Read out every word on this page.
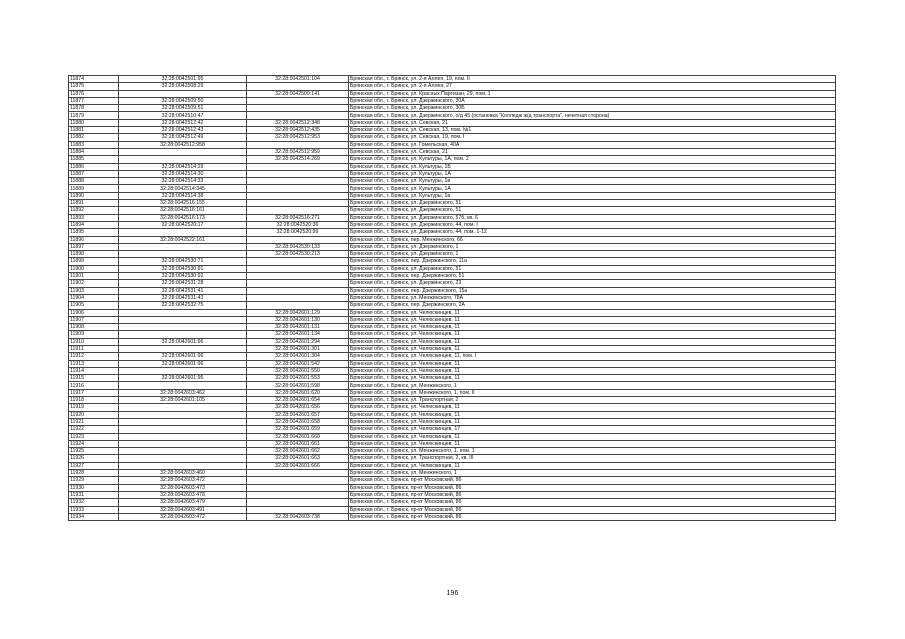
11874	32:28:0042501:95	32:28:0042501:104	Брянская обл., г. Брянск, ул. 2-я Аллея, 19, пом. II
11875	32:28:0042508:29		Брянская обл., г. Брянск, ул. 2-я Аллея, 27
11876		32:28:0042509:141	Брянская обл., г. Брянск, ул. Красных Партизан, 29, пом. 1
11877	32:28:0042509:50		Брянская обл., г. Брянск, ул. Дзержинского, 30А
11878	32:28:0042509:51		Брянская обл., г. Брянск, ул. Дзержинского, 30Б
11879	32:28:0042510:47		Брянская обл., г. Брянск, ул. Дзержинского, о/д 45 (остановка "Колледж ж/д транспорта", нечетная сторона)
11880	32:28:0042512:42	32:28:0042512:348	Брянская обл., г. Брянск, ул. Севская, 21
11881	32:28:0042512:43	32:28:0042512:435	Брянская обл., г. Брянск, ул. Севская, 13, пом. №1
11882	32:28:0042512:49	32:28:0042512:953	Брянская обл., г. Брянск, ул. Севская, 19, пом. I
11883	32:28:0042512:958		Брянская обл., г. Брянск, ул. Гомельская, 40А
11884		32:28:0042512:959	Брянская обл., г. Брянск, ул. Севская, 21
11885		32:28:0042514:269	Брянская обл., г. Брянск, ул. Культуры, 1А, пом. 2
11886	32:28:0042514:29		Брянская обл., г. Брянск, ул. Культуры, 1Б
11887	32:28:0042514:30		Брянская обл., г. Брянск, ул. Культуры, 1А
11888	32:28:0042514:33		Брянская обл., г. Брянск, ул. Культуры, 1в
11889	32:28:0042514:345		Брянская обл., г. Брянск, ул. Культуры, 1А
11890	32:28:0042514:38		Брянская обл., г. Брянск, ул. Культуры, 1в
11891	32:28:0042516:155		Брянская обл., г. Брянск, ул. Дзержинского, 51
11892	32:28:0042516:161		Брянская обл., г. Брянск, ул. Дзержинского, 51
11893	32:28:0042516:173	32:28:0042516:271	Брянская обл., г. Брянск, ул. Дзержинского, 57б, кв. 6
11894	32:28:0042520:17	32:28:0042520:36	Брянская обл., г. Брянск, ул. Дзержинского, 44, пом. I
11895		32:28:0042520:99	Брянская обл., г. Брянск, ул. Дзержинского, 44, пом. 1-12
11896	32:28:0042522:161		Брянская обл., г. Брянск, пер. Менжинского, 66
11897		32:28:0042530:133	Брянская обл., г. Брянск, ул. Дзержинского, 1
11898		32:28:0042530:213	Брянская обл., г. Брянск, ул. Дзержинского, 1
11899	32:28:0042530:71		Брянская обл., г. Брянск, пер. Дзержинского, 11а
11900	32:28:0042530:91		Брянская обл., г. Брянск, ул. Дзержинского, 51
11901	32:28:0042530:92		Брянская обл., г. Брянск, пер. Дзержинского, 51
11902	32:28:0042531:28		Брянская обл., г. Брянск, ул. Дзержинского, 23
11903	32:28:0042531:41		Брянская обл., г. Брянск, пер. Дзержинского, 15а
11904	32:28:0042531:43		Брянская обл., г. Брянск, ул. Менжинского, 78А
11905	32:28:0042532:75		Брянская обл., г. Брянск, пер. Дзержинского, 2А
11906		32:28:0042601:129	Брянская обл., г. Брянск, ул. Челюскинцев, 11
11907		32:28:0042601:130	Брянская обл., г. Брянск, ул. Челюскинцев, 11
11908		32:28:0042601:131	Брянская обл., г. Брянск, ул. Челюскинцев, 11
11909		32:28:0042601:134	Брянская обл., г. Брянск, ул. Челюскинцев, 11
11910	32:28:0042601:96	32:28:0042601:294	Брянская обл., г. Брянск, ул. Челюскинцев, 11
11911		32:28:0042601:301	Брянская обл., г. Брянск, ул. Челюскинцев, 11
11912	32:28:0042601:96	32:28:0042601:304	Брянская обл., г. Брянск, ул. Челюскинцев, 11, пом. I
11913	32:28:0042601:96	32:28:0042601:542	Брянская обл., г. Брянск, ул. Челюскинцев, 11
11914		32:28:0042601:550	Брянская обл., г. Брянск, ул. Челюскинцев, 11
11915	32:28:0042601:95	32:28:0042601:553	Брянская обл., г. Брянск, ул. Челюскинцев, 11
11916		32:28:0042601:598	Брянская обл., г. Брянск, ул. Менжинского, 1
11917	32:28:0042603:462	32:28:0042601:620	Брянская обл., г. Брянск, ул. Менжинского, 1, пом. II
11918	32:28:0042601:105	32:28:0042601:654	Брянская обл., г. Брянск, ул. Транспортная, 2
11919		32:28:0042601:656	Брянская обл., г. Брянск, ул. Челюскинцев, 11
11920		32:28:0042601:657	Брянская обл., г. Брянск, ул. Челюскинцев, 11
11921		32:28:0042601:658	Брянская обл., г. Брянск, ул. Челюскинцев, 11
11922		32:28:0042601:659	Брянская обл., г. Брянск, ул. Челюскинцев, 17
11923		32:28:0042601:660	Брянская обл., г. Брянск, ул. Челюскинцев, 11
11924		32:28:0042601:661	Брянская обл., г. Брянск, ул. Челюскинцев, 11
11925		32:28:0042601:662	Брянская обл., г. Брянск, ул. Менжинского, 1, пом. 1
11926		32:28:0042601:663	Брянская обл., г. Брянск, ул. Транспортная, 2, кв. III
11927		32:28:0042601:666	Брянская обл., г. Брянск, ул. Челюскинцев, 11
11928	32:28:0042603:460		Брянская обл., г. Брянск, ул. Менжинского, 1
11929	32:28:0042603:472		Брянская обл., г. Брянск, пр-кт Московский, 86
11930	32:28:0042603:473		Брянская обл., г. Брянск, пр-кт Московский, 86
11931	32:28:0042603:478		Брянская обл., г. Брянск, пр-кт Московский, 86
11932	32:28:0042603:479		Брянская обл., г. Брянск, пр-кт Московский, 86
11933	32:28:0042603:491		Брянская обл., г. Брянск, пр-кт Московский, 86
11934	32:28:0042603:472	32:28:0042603:738	Брянская обл., г. Брянск, пр-кт Московский, 86
196
